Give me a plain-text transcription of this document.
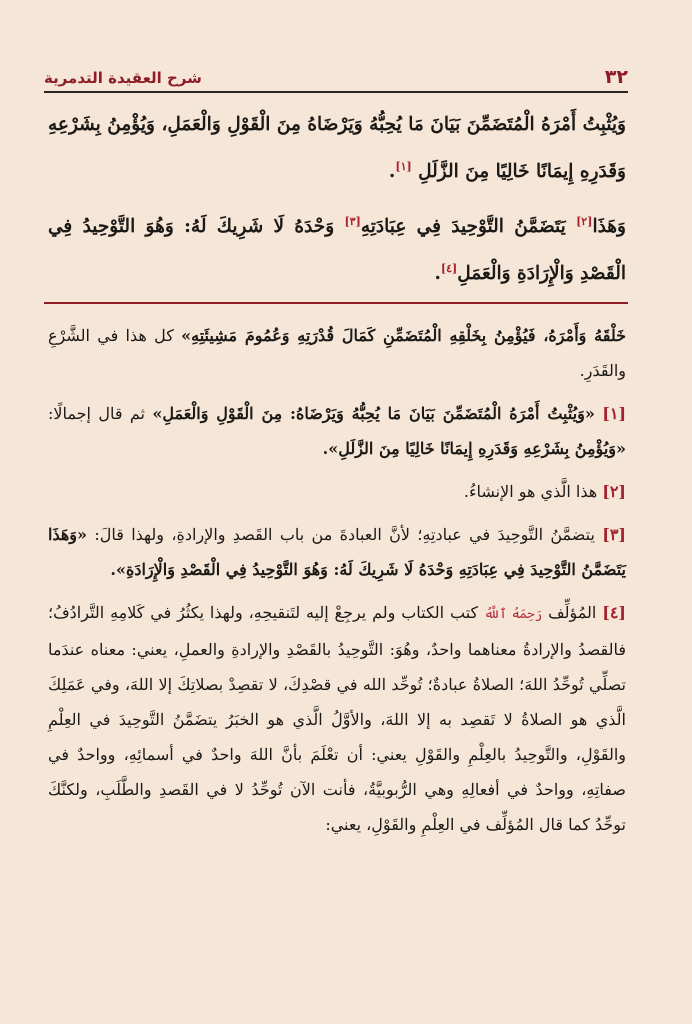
شرح العقيدة التدمرية	٣٢

وَيُثْبِتُ أَمْرَهُ الْمُتَضَمِّنَ بَيَانَ مَا يُحِبُّهُ وَيَرْضَاهُ مِنَ الْقَوْلِ وَالْعَمَلِ، وَيُؤْمِنُ بِشَرْعِهِ وَقَدَرِهِ إِيمَانًا خَالِيًا مِنَ الزَّلَلِ [١].

وَهَذَا[٢] يَتَضَمَّنُ التَّوْحِيدَ فِي عِبَادَتِهِ[٣] وَحْدَهُ لَا شَرِيكَ لَهُ: وَهُوَ التَّوْحِيدُ فِي الْقَصْدِ وَالْإِرَادَةِ وَالْعَمَلِ[٤].

خَلْقَهُ وَأَمْرَهُ، فَيُؤْمِنُ بِخَلْقِهِ الْمُتَضَمِّنِ كَمَالَ قُدْرَتِهِ وَعُمُومَ مَشِيئَتِهِ» كل هذا في الشَّرْعِ والقَدَرِ.

[١] «وَيُثْبِتُ أَمْرَهُ الْمُتَضَمِّنَ بَيَانَ مَا يُحِبُّهُ وَيَرْضَاهُ: مِنَ الْقَوْلِ وَالْعَمَلِ» ثم قال إجمالًا: «وَيُؤْمِنُ بِشَرْعِهِ وَقَدَرِهِ إِيمَانًا خَالِيًا مِنَ الزَّلَلِ».

[٢] هذا الَّذي هو الإنشاءُ.

[٣] يتضمَّنُ التَّوحِيدَ في عبادتِهِ؛ لأنَّ العبادةَ من باب القَصدِ والإرادةِ، ولهذا قالَ: «وَهَذَا يَتَضَمَّنُ التَّوْحِيدَ فِي عِبَادَتِهِ وَحْدَهُ لَا شَرِيكَ لَهُ: وَهُوَ التَّوْحِيدُ فِي الْقَصْدِ وَالْإِرَادَةِ».

[٤] المُؤلِّف رَحِمَهُ ٱللَّهُ كتب الكتاب ولم يرجِعْ إليه لتَنقيحِهِ، ولهذا يكثُرُ في كَلامِهِ التَّرادُفُ؛ فالقصدُ والإرادةُ معناهما واحدٌ، وهُوَ: التَّوحِيدُ بالقَصْدِ والإرادةِ والعملِ، يعني: معناه عندَما تصلِّي تُوحِّدُ اللهَ؛ الصلاةُ عبادةٌ؛ تُوحِّد الله في قصْدِكَ، لا تقصِدْ بصلاتِكَ إلا اللهَ، وفي عَمَلِكَ الَّذي هو الصلاةُ لا تَقصِد به إلا اللهَ، والأوَّلُ الَّذي هو الخبَرُ يتضَمَّنُ التَّوحِيدَ في العِلْمِ والقَوْلِ، والتَّوحِيدُ بالعِلْمِ والقَوْلِ يعني: أن تعْلَمَ بأنَّ اللهَ واحدٌ في أسمائِهِ، وواحدٌ في صفاتِهِ، وواحدٌ في أفعالِهِ وهي الرُّبوبيَّةُ، فأنت الآن تُوحِّدُ لا في القَصدِ والطَّلَبِ، ولكنَّكَ توحِّدُ كما قال المُؤلِّف في العِلْمِ والقَوْلِ، يعني:
